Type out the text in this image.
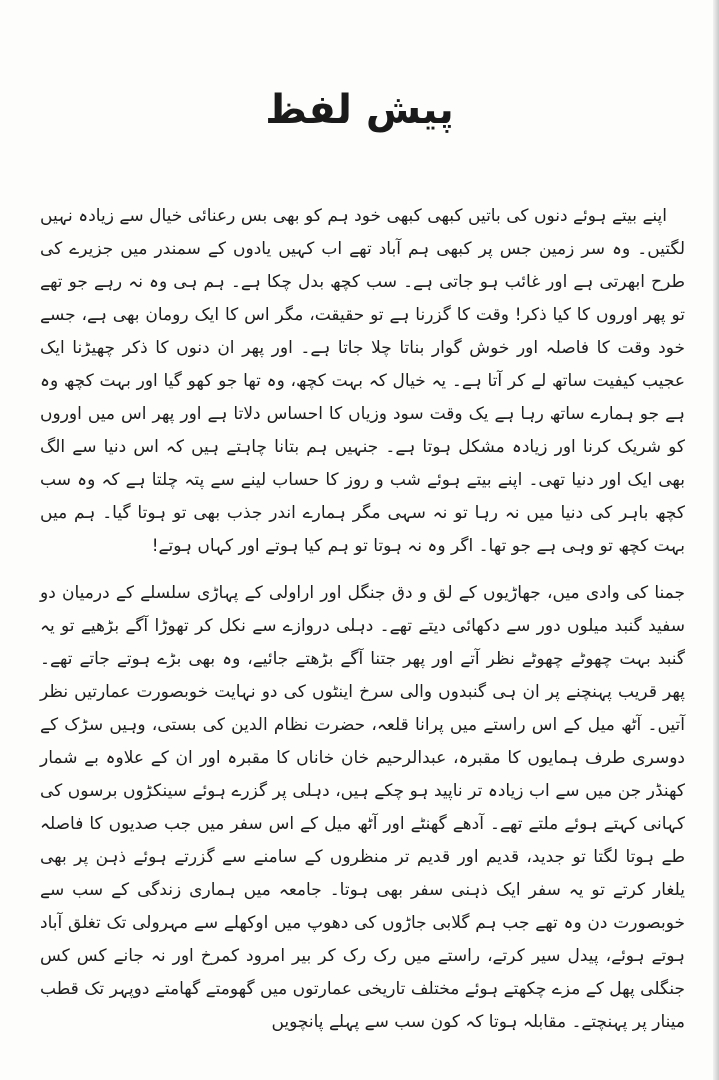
پیش لفظ

اپنے بیتے ہوئے دنوں کی باتیں کبھی کبھی خود ہم کو بھی بس رعنائی خیال سے زیادہ نہیں لگتیں۔ وہ سر زمین جس پر کبھی ہم آباد تھے اب کہیں یادوں کے سمندر میں جزیرے کی طرح ابھرتی ہے اور غائب ہو جاتی ہے۔ سب کچھ بدل چکا ہے۔ ہم ہی وہ نہ رہے جو تھے تو پھر اوروں کا کیا ذکر! وقت کا گزرنا ہے تو حقیقت، مگر اس کا ایک رومان بھی ہے، جسے خود وقت کا فاصلہ اور خوش گوار بناتا چلا جاتا ہے۔ اور پھر ان دنوں کا ذکر چھیڑنا ایک عجیب کیفیت ساتھ لے کر آتا ہے۔ یہ خیال کہ بہت کچھ، وہ تھا جو کھو گیا اور بہت کچھ وہ ہے جو ہمارے ساتھ رہا ہے یک وقت سود وزیاں کا احساس دلاتا ہے اور پھر اس میں اوروں کو شریک کرنا اور زیادہ مشکل ہوتا ہے۔ جنہیں ہم بتانا چاہتے ہیں کہ اس دنیا سے الگ بھی ایک اور دنیا تھی۔ اپنے بیتے ہوئے شب و روز کا حساب لینے سے پتہ چلتا ہے کہ وہ سب کچھ باہر کی دنیا میں نہ رہا تو نہ سہی مگر ہمارے اندر جذب بھی تو ہوتا گیا۔ ہم میں بہت کچھ تو وہی ہے جو تھا۔ اگر وہ نہ ہوتا تو ہم کیا ہوتے اور کہاں ہوتے!

جمنا کی وادی میں، جھاڑیوں کے لق و دق جنگل اور اراولی کے پہاڑی سلسلے کے درمیان دو سفید گنبد میلوں دور سے دکھائی دیتے تھے۔ دہلی دروازے سے نکل کر تھوڑا آگے بڑھیے تو یہ گنبد بہت چھوٹے چھوٹے نظر آتے اور پھر جتنا آگے بڑھتے جائیے، وہ بھی بڑے ہوتے جاتے تھے۔ پھر قریب پہنچنے پر ان ہی گنبدوں والی سرخ اینٹوں کی دو نہایت خوبصورت عمارتیں نظر آتیں۔ آٹھ میل کے اس راستے میں پرانا قلعہ، حضرت نظام الدین کی بستی، وہیں سڑک کے دوسری طرف ہمایوں کا مقبرہ، عبدالرحیم خان خاناں کا مقبرہ اور ان کے علاوہ بے شمار کھنڈر جن میں سے اب زیادہ تر ناپید ہو چکے ہیں، دہلی پر گزرے ہوئے سینکڑوں برسوں کی کہانی کہتے ہوئے ملتے تھے۔ آدھے گھنٹے اور آٹھ میل کے اس سفر میں جب صدیوں کا فاصلہ طے ہوتا لگتا تو جدید، قدیم اور قدیم تر منظروں کے سامنے سے گزرتے ہوئے ذہن پر بھی یلغار کرتے تو یہ سفر ایک ذہنی سفر بھی ہوتا۔ جامعہ میں ہماری زندگی کے سب سے خوبصورت دن وہ تھے جب ہم گلابی جاڑوں کی دھوپ میں اوکھلے سے مہرولی تک تغلق آباد ہوتے ہوئے، پیدل سیر کرتے، راستے میں رک رک کر بیر امرود کمرخ اور نہ جانے کس کس جنگلی پھل کے مزے چکھتے ہوئے مختلف تاریخی عمارتوں میں گھومتے گھامتے دوپہر تک قطب مینار پر پہنچتے۔ مقابلہ ہوتا کہ کون سب سے پہلے پانچویں
